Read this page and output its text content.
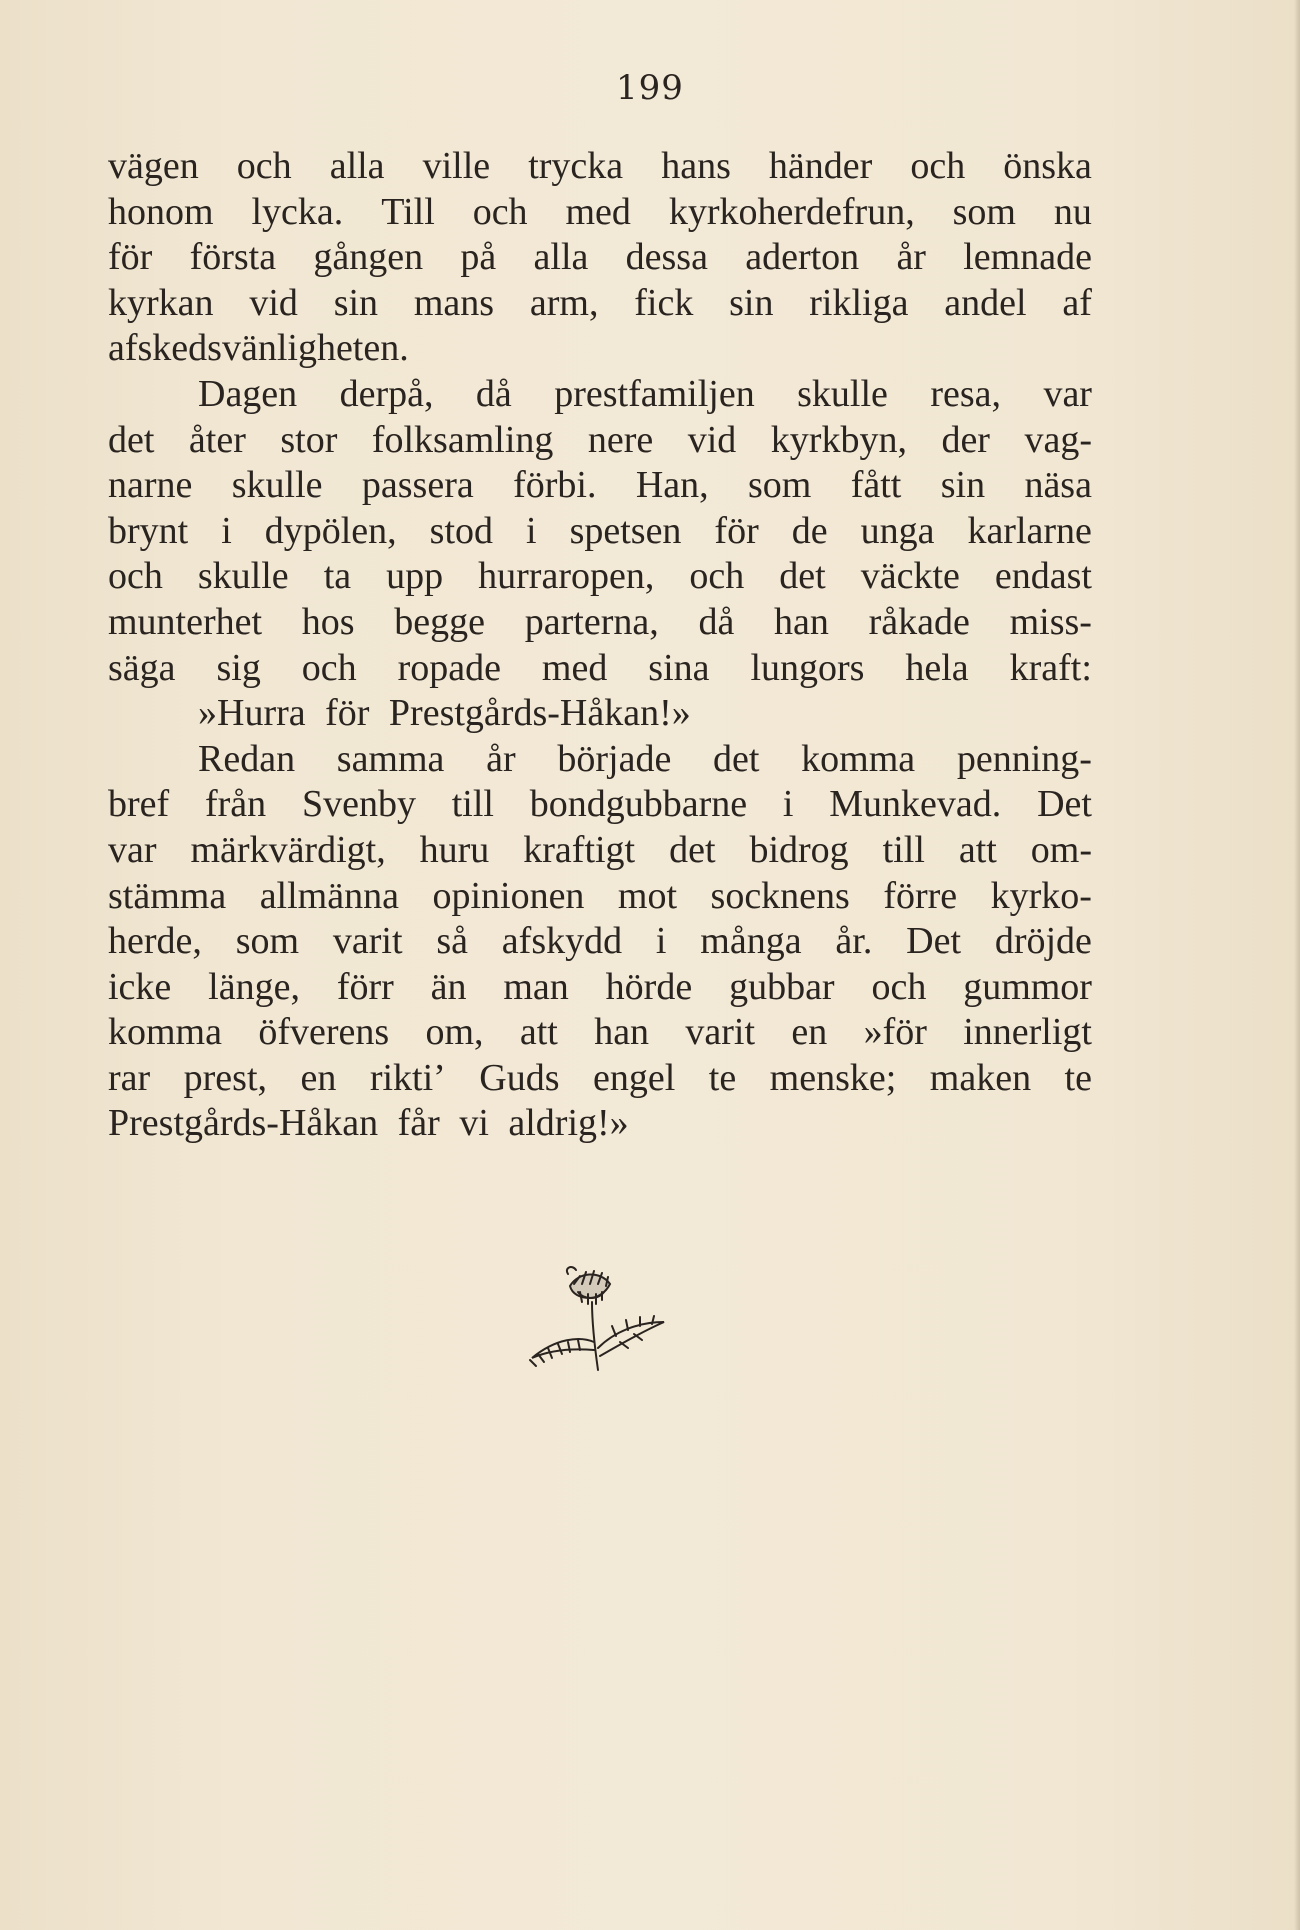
199
vägen och alla ville trycka hans händer och önska
honom lycka. Till och med kyrkoherdefrun, som nu
för första gången på alla dessa aderton år lemnade
kyrkan vid sin mans arm, fick sin rikliga andel af
afskedsvänligheten.
Dagen derpå, då prestfamiljen skulle resa, var
det åter stor folksamling nere vid kyrkbyn, der vag-
narne skulle passera förbi. Han, som fått sin näsa
brynt i dypölen, stod i spetsen för de unga karlarne
och skulle ta upp hurraropen, och det väckte endast
munterhet hos begge parterna, då han råkade miss-
säga sig och ropade med sina lungors hela kraft:
»Hurra för Prestgårds-Håkan!»
Redan samma år började det komma penning-
bref från Svenby till bondgubbarne i Munkevad. Det
var märkvärdigt, huru kraftigt det bidrog till att om-
stämma allmänna opinionen mot socknens förre kyrko-
herde, som varit så afskydd i många år. Det dröjde
icke länge, förr än man hörde gubbar och gummor
komma öfverens om, att han varit en »för innerligt
rar prest, en rikti’ Guds engel te menske; maken te
Prestgårds-Håkan får vi aldrig!»
